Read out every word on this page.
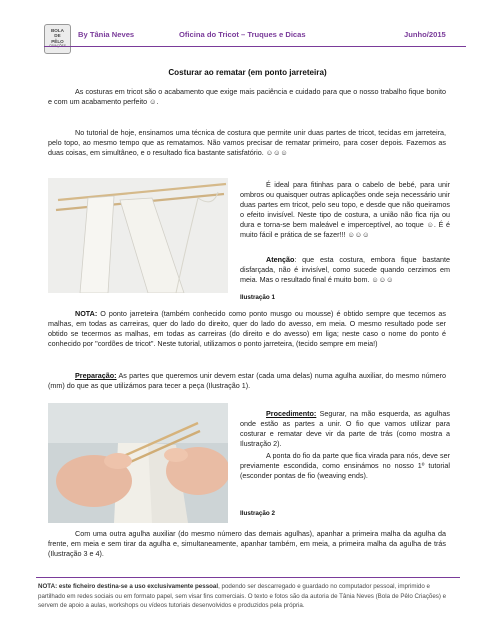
BOLA
DE
PÊLO
By Tânia Neves	Oficina do Tricot – Truques e Dicas	Junho/2015
Costurar ao rematar (em ponto jarreteira)
As costuras em tricot são o acabamento que exige mais paciência e cuidado para que o nosso trabalho fique bonito e com um acabamento perfeito ☺.
No tutorial de hoje, ensinamos uma técnica de costura que permite unir duas partes de tricot, tecidas em jarreteira, pelo topo, ao mesmo tempo que as rematamos. Não vamos precisar de rematar primeiro, para coser depois. Fazemos as duas coisas, em simultâneo, e o resultado fica bastante satisfatório. ☺☺☺
É ideal para fitinhas para o cabelo de bebé, para unir ombros ou quaisquer outras aplicações onde seja necessário unir duas partes em tricot, pelo seu topo, e desde que não queiramos o efeito invisível. Neste tipo de costura, a união não fica rija ou dura e torna-se bem maleável e imperceptível, ao toque ☺. É é muito fácil e prática de se fazer!!! ☺☺☺
Atenção: que esta costura, embora fique bastante disfarçada, não é invisível, como sucede quando cerzimos em meia. Mas o resultado final é muito bom. ☺☺☺
Ilustração 1
NOTA: O ponto jarreteira (também conhecido como ponto musgo ou mousse) é obtido sempre que tecemos as malhas, em todas as carreiras, quer do lado do direito, quer do lado do avesso, em meia. O mesmo resultado pode ser obtido se tecermos as malhas, em todas as carreiras (do direito e do avesso) em liga; neste caso o nome do ponto é conhecido por "cordões de tricot". Neste tutorial, utilizamos o ponto jarreteira, (tecido sempre em meia!)
Preparação: As partes que queremos unir devem estar (cada uma delas) numa agulha auxiliar, do mesmo número (mm) do que as que utilizámos para tecer a peça (Ilustração 1).
Procedimento: Segurar, na mão esquerda, as agulhas onde estão as partes a unir. O fio que vamos utilizar para costurar e rematar deve vir da parte de trás (como mostra a Ilustração 2).
A ponta do fio da parte que fica virada para nós, deve ser previamente escondida, como ensinámos no nosso 1º tutorial (esconder pontas de fio (weaving ends).
Ilustração 2
Com uma outra agulha auxiliar (do mesmo número das demais agulhas), apanhar a primeira malha da agulha da frente, em meia e sem tirar da agulha e, simultaneamente, apanhar também, em meia, a primeira malha da agulha de trás (Ilustração 3 e 4).
NOTA: este ficheiro destina-se a uso exclusivamente pessoal, podendo ser descarregado e guardado no computador pessoal, imprimido e partilhado em redes sociais ou em formato papel, sem visar fins comerciais. O texto e fotos são da autoria de Tânia Neves (Bola de Pêlo Criações) e servem de apoio a aulas, workshops ou vídeos tutoriais desenvolvidos e produzidos pela própria.
